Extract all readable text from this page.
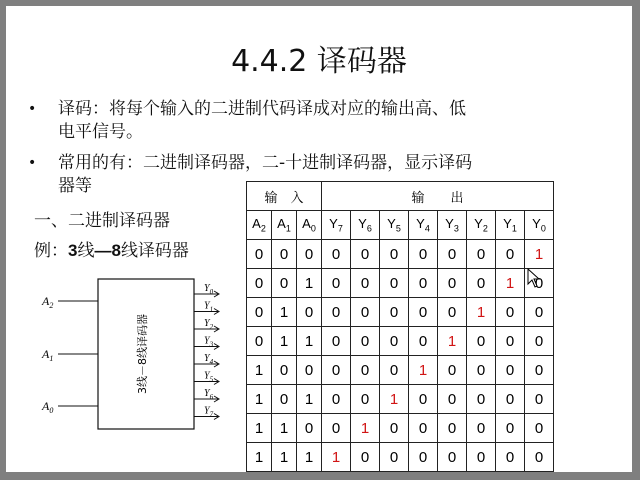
4.4.2 译码器
• 译码：将每个输入的二进制代码译成对应的输出高、低
电平信号。
• 常用的有：二进制译码器，二-十进制译码器，显示译码
器等
一、二进制译码器
例：3线—8线译码器
$A_2$
$A_1$
$A_0$
3线－8线译码器
$Y_0$
$Y_1$
$Y_2$
$Y_3$
$Y_4$
$Y_5$
$Y_6$
$Y_7$
输　入			输　　出							
$A_2$	$A_1$	$A_0$	$Y_7$	$Y_6$	$Y_5$	$Y_4$	$Y_3$	$Y_2$	$Y_1$	$Y_0$
0	0	0	0	0	0	0	0	0	0	1
0	0	1	0	0	0	0	0	0	1	0
0	1	0	0	0	0	0	0	1	0	0
0	1	1	0	0	0	0	1	0	0	0
1	0	0	0	0	0	1	0	0	0	0
1	0	1	0	0	1	0	0	0	0	0
1	1	0	0	1	0	0	0	0	0	0
1	1	1	1	0	0	0	0	0	0	0
